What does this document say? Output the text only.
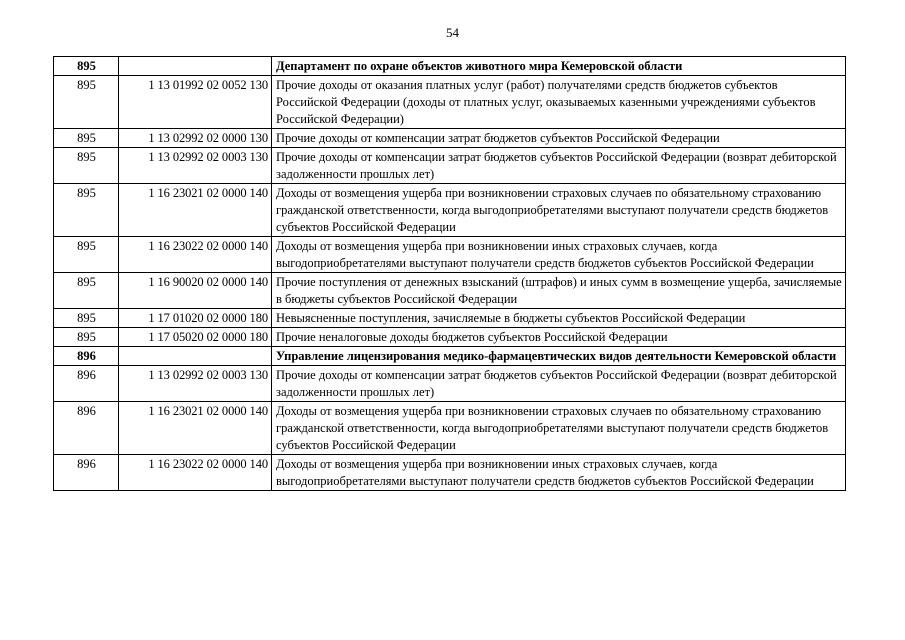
54
895		Департамент по охране объектов животного мира Кемеровской области
895	1 13 01992 02 0052 130	Прочие доходы от оказания платных услуг (работ) получателями средств бюджетов субъектов Российской Федерации (доходы от платных услуг, оказываемых казенными учреждениями субъектов Российской Федерации)
895	1 13 02992 02 0000 130	Прочие доходы от компенсации затрат бюджетов субъектов Российской Федерации
895	1 13 02992 02 0003 130	Прочие доходы от компенсации затрат бюджетов субъектов Российской Федерации (возврат дебиторской задолженности прошлых лет)
895	1 16 23021 02 0000 140	Доходы от возмещения ущерба при возникновении страховых случаев по обязательному страхованию гражданской ответственности, когда выгодоприобретателями выступают получатели средств бюджетов субъектов Российской Федерации
895	1 16 23022 02 0000 140	Доходы от возмещения ущерба при возникновении иных страховых случаев, когда выгодоприобретателями выступают получатели средств бюджетов субъектов Российской Федерации
895	1 16 90020 02 0000 140	Прочие поступления от денежных взысканий (штрафов) и иных сумм в возмещение ущерба, зачисляемые в бюджеты субъектов Российской Федерации
895	1 17 01020 02 0000 180	Невыясненные поступления, зачисляемые в бюджеты субъектов Российской Федерации
895	1 17 05020 02 0000 180	Прочие неналоговые доходы бюджетов субъектов Российской Федерации
896		Управление лицензирования медико-фармацевтических видов деятельности Кемеровской области
896	1 13 02992 02 0003 130	Прочие доходы от компенсации затрат бюджетов субъектов Российской Федерации (возврат дебиторской задолженности прошлых лет)
896	1 16 23021 02 0000 140	Доходы от возмещения ущерба при возникновении страховых случаев по обязательному страхованию гражданской ответственности, когда выгодоприобретателями выступают получатели средств бюджетов субъектов Российской Федерации
896	1 16 23022 02 0000 140	Доходы от возмещения ущерба при возникновении иных страховых случаев, когда выгодоприобретателями выступают получатели средств бюджетов субъектов Российской Федерации
